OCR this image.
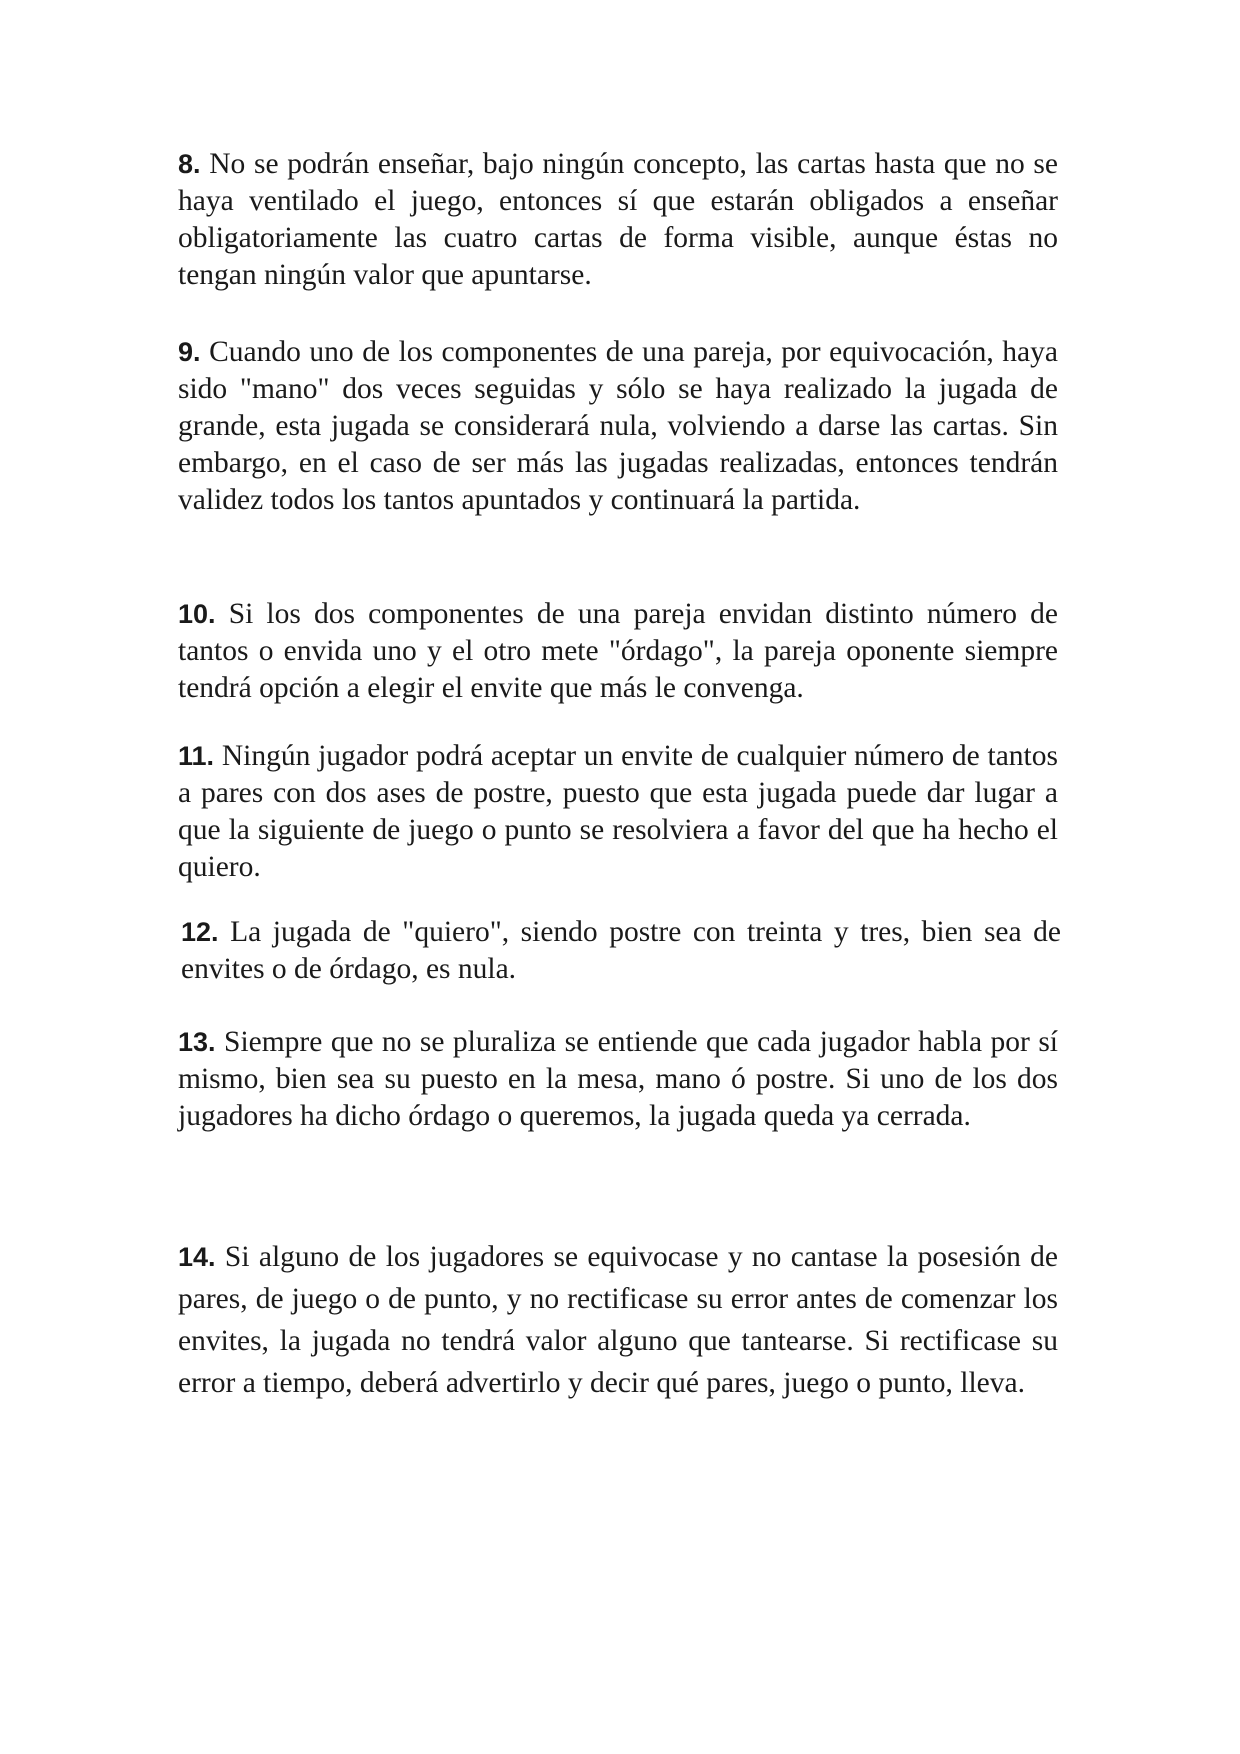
8. No se podrán enseñar, bajo ningún concepto, las cartas hasta que no se haya ventilado el juego, entonces sí que estarán obligados a enseñar obligatoriamente las cuatro cartas de forma visible, aunque éstas no tengan ningún valor que apuntarse.

9. Cuando uno de los componentes de una pareja, por equivocación, haya sido "mano" dos veces seguidas y sólo se haya realizado la jugada de grande, esta jugada se considerará nula, volviendo a darse las cartas. Sin embargo, en el caso de ser más las jugadas realizadas, entonces tendrán validez todos los tantos apuntados y continuará la partida.

10. Si los dos componentes de una pareja envidan distinto número de tantos o envida uno y el otro mete "órdago", la pareja oponente siempre tendrá opción a elegir el envite que más le convenga.

11. Ningún jugador podrá aceptar un envite de cualquier número de tantos a pares con dos ases de postre, puesto que esta jugada puede dar lugar a que la siguiente de juego o punto se resolviera a favor del que ha hecho el quiero.

12. La jugada de "quiero", siendo postre con treinta y tres, bien sea de envites o de órdago, es nula.

13. Siempre que no se pluraliza se entiende que cada jugador habla por sí mismo, bien sea su puesto en la mesa, mano ó postre. Si uno de los dos jugadores ha dicho órdago o queremos, la jugada queda ya cerrada.

14. Si alguno de los jugadores se equivocase y no cantase la posesión de pares, de juego o de punto, y no rectificase su error antes de comenzar los envites, la jugada no tendrá valor alguno que tantearse. Si rectificase su error a tiempo, deberá advertirlo y decir qué pares, juego o punto, lleva.
